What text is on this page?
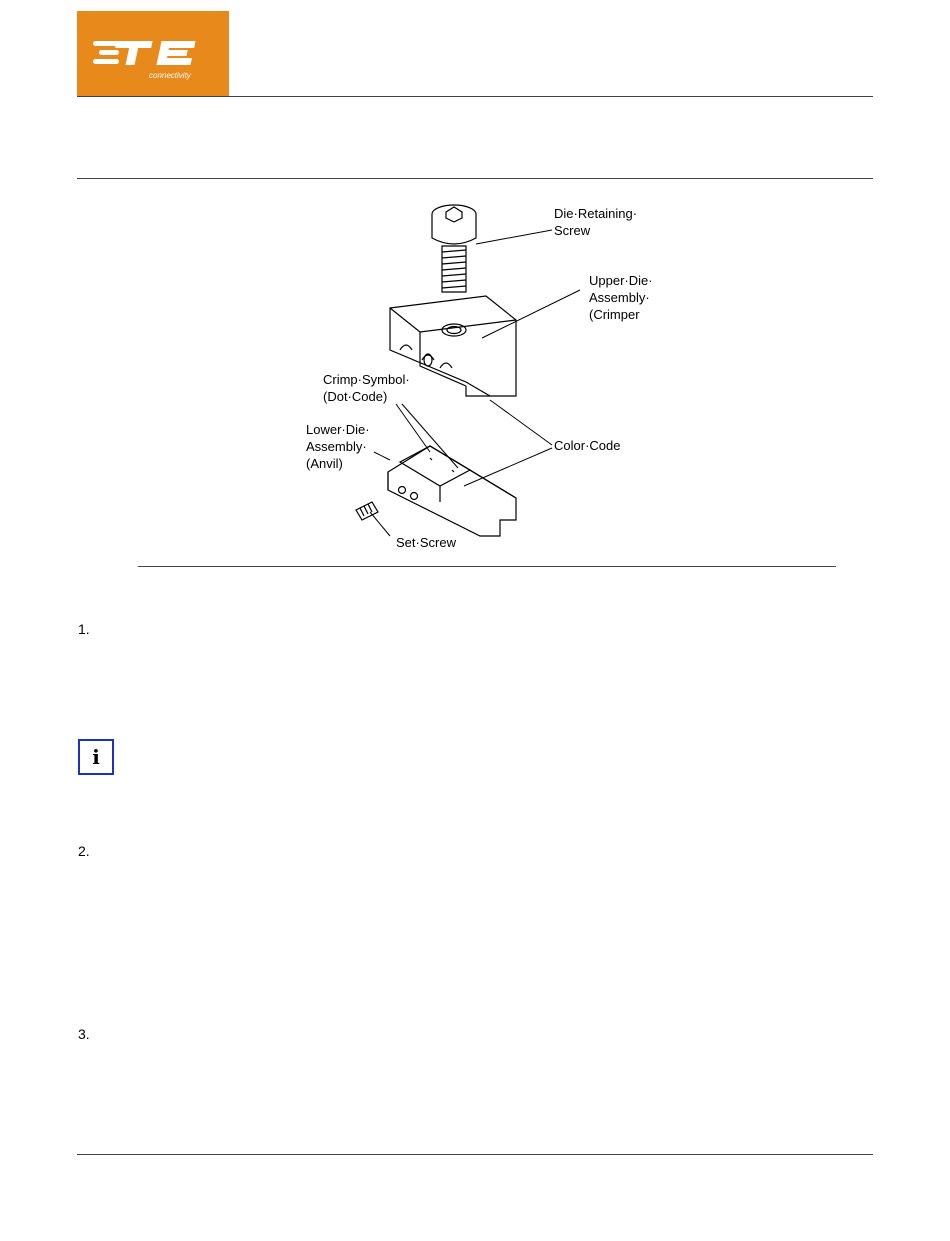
connectivity
Die·Retaining·
Screw
Upper·Die·
Assembly·
(Crimper
Crimp·Symbol·
(Dot·Code)
Lower·Die·
Assembly·
(Anvil)
Color·Code
Set·Screw
1.
i
2.
3.
